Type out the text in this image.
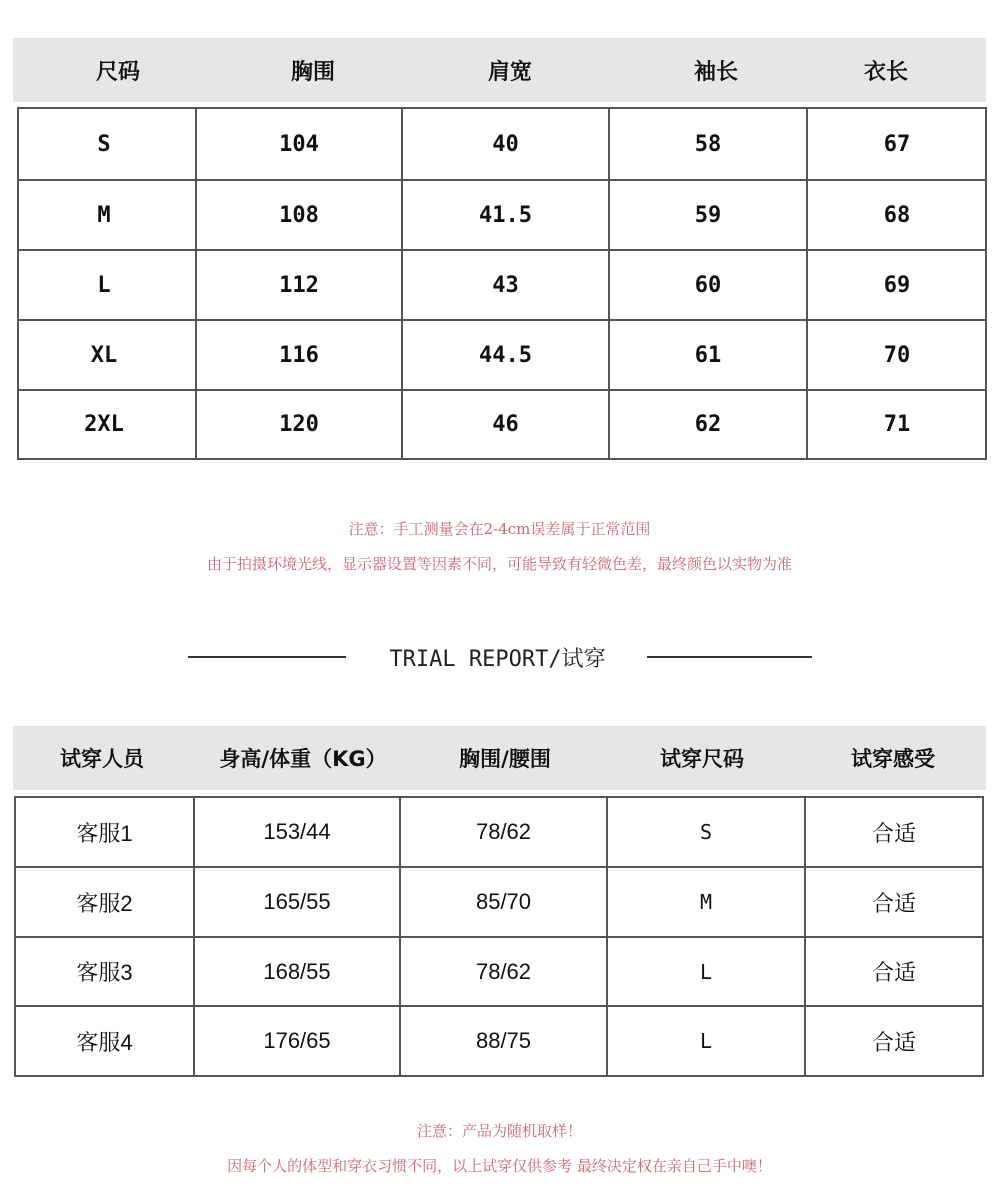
尺码	胸围	肩宽	袖长	衣长
S	104	40	58	67
M	108	41.5	59	68
L	112	43	60	69
XL	116	44.5	61	70
2XL	120	46	62	71
注意：手工测量会在2-4cm误差属于正常范围
由于拍摄环境光线，显示器设置等因素不同，可能导致有轻微色差，最终颜色以实物为准
TRIAL REPORT/试穿
试穿人员	身高/体重（KG）	胸围/腰围	试穿尺码	试穿感受
客服1	153/44	78/62	S	合适
客服2	165/55	85/70	M	合适
客服3	168/55	78/62	L	合适
客服4	176/65	88/75	L	合适
注意：产品为随机取样！
因每个人的体型和穿衣习惯不同，以上试穿仅供参考 最终决定权在亲自己手中噢！
